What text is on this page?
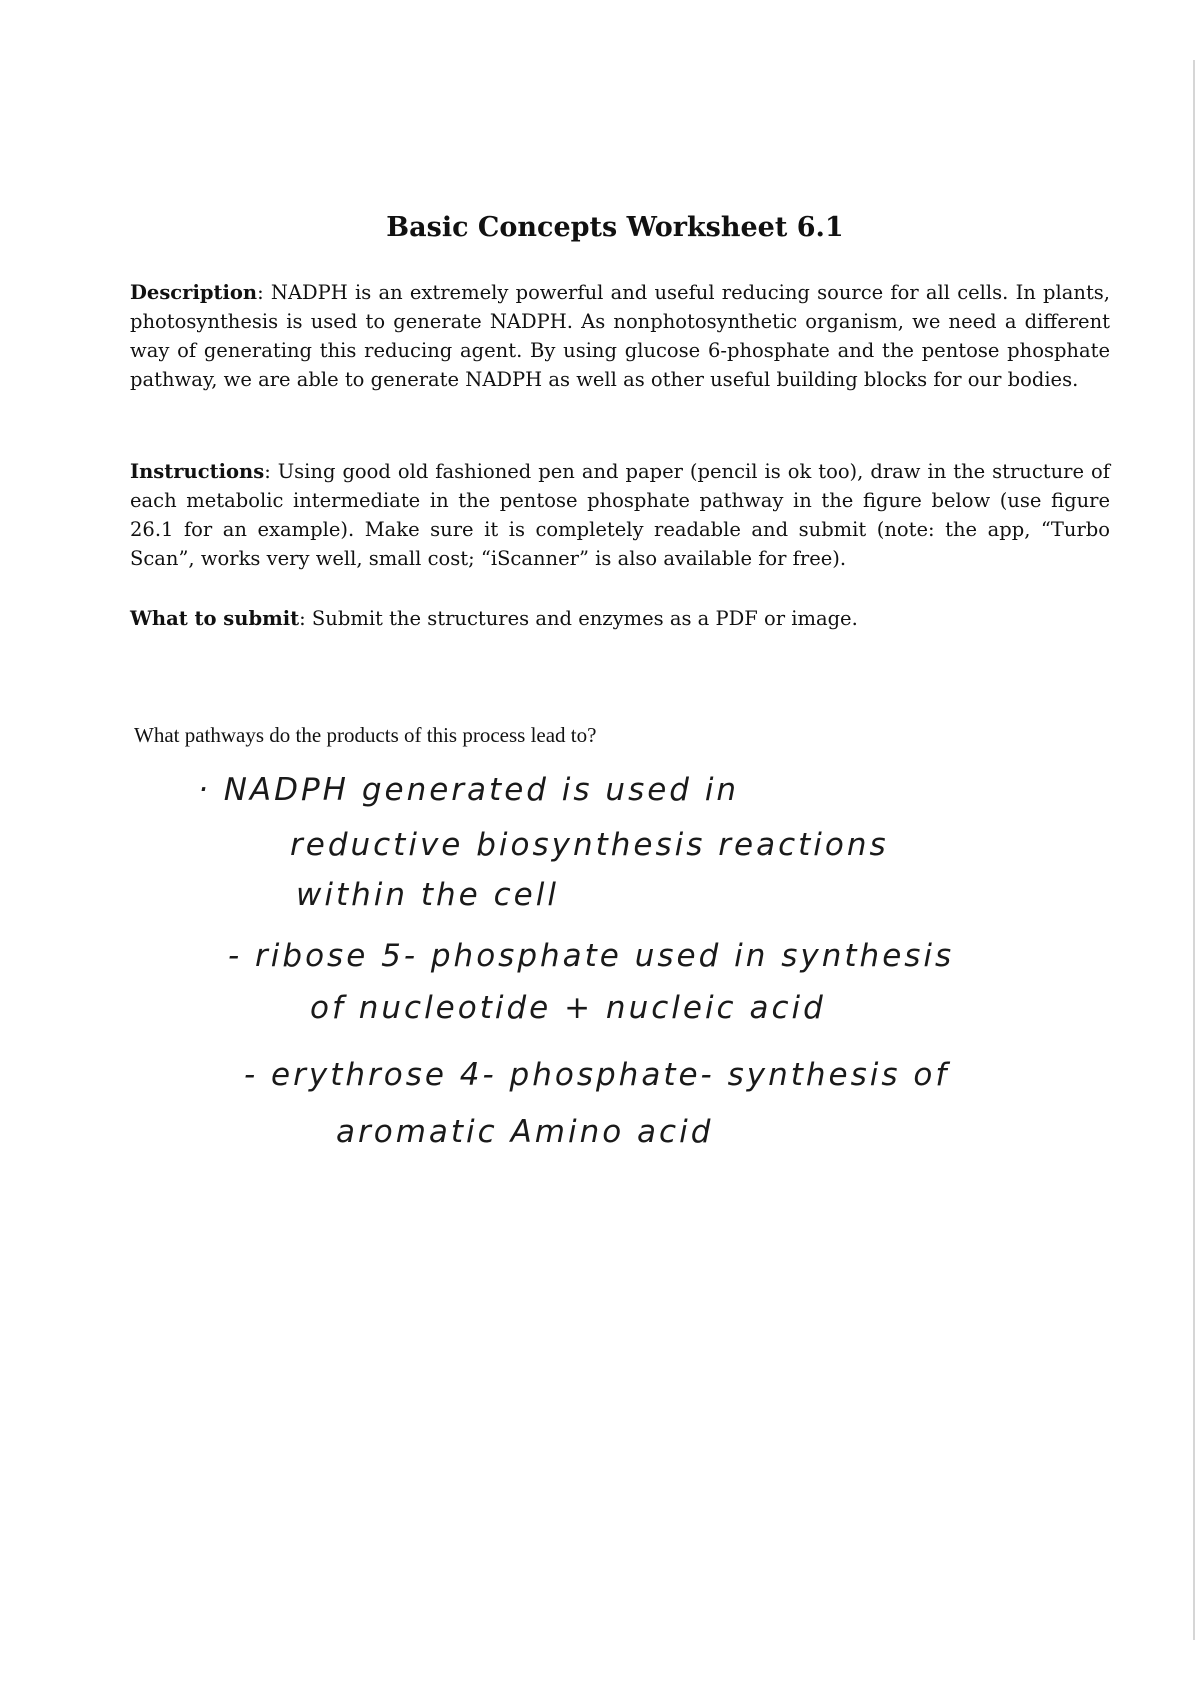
Basic Concepts Worksheet 6.1

Description: NADPH is an extremely powerful and useful reducing source for all cells. In plants, photosynthesis is used to generate NADPH. As nonphotosynthetic organism, we need a different way of generating this reducing agent. By using glucose 6-phosphate and the pentose phosphate pathway, we are able to generate NADPH as well as other useful building blocks for our bodies.

Instructions: Using good old fashioned pen and paper (pencil is ok too), draw in the structure of each metabolic intermediate in the pentose phosphate pathway in the figure below (use figure 26.1 for an example). Make sure it is completely readable and submit (note: the app, “Turbo Scan”, works very well, small cost; “iScanner” is also available for free).

What to submit: Submit the structures and enzymes as a PDF or image.

What pathways do the products of this process lead to?

· NADPH generated is used in

reductive biosynthesis reactions

within the cell

- ribose 5- phosphate used in synthesis

of nucleotide + nucleic acid

- erythrose 4- phosphate- synthesis of

aromatic Amino acid
